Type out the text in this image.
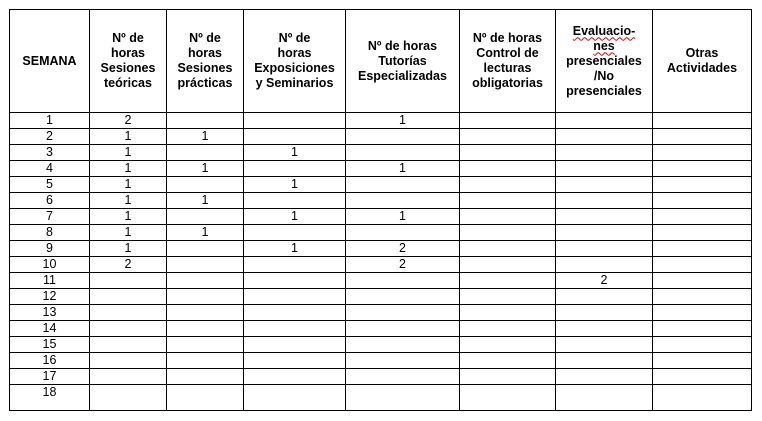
SEMANA	Nº de
horas
Sesiones
teóricas	Nº de
horas
Sesiones
prácticas	Nº de
horas
Exposiciones
y Seminarios	Nº de horas
Tutorías
Especializadas	Nº de horas
Control de
lecturas
obligatorias	Evaluacio-
nes
presenciales
/No
presenciales	Otras
Actividades
1	2			1			
2	1	1					
3	1		1				
4	1	1		1			
5	1		1				
6	1	1					
7	1		1	1			
8	1	1					
9	1		1	2			
10	2			2			
11						2	
12							
13							
14							
15							
16							
17							
18							
